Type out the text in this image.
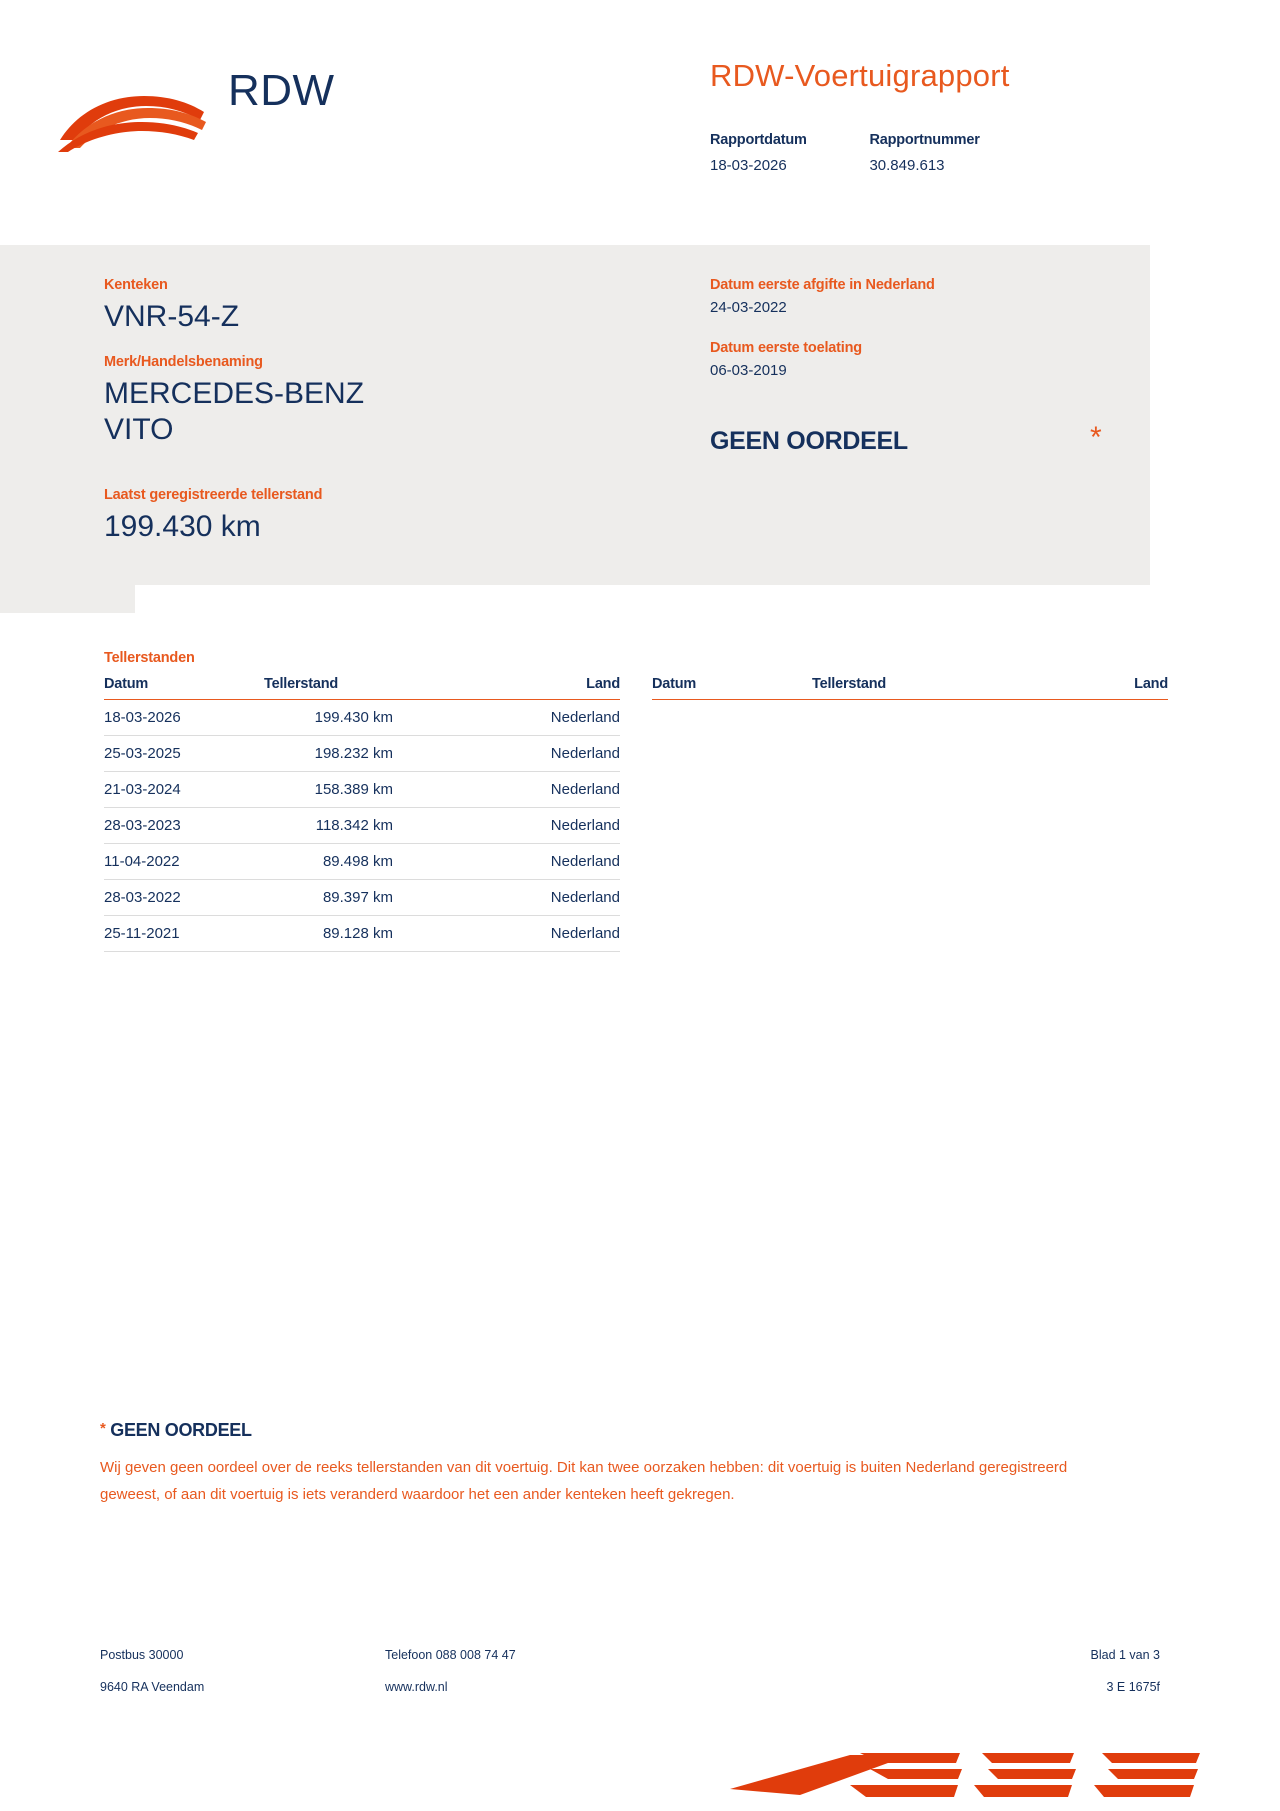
RDW	RDW-Voertuigrapport
Rapportdatum
18-03-2026

Rapportnummer
30.849.613
Kenteken
VNR-54-Z
Merk/Handelsbenaming
MERCEDES-BENZ
VITO
Laatst geregistreerde tellerstand
199.430 km
Datum eerste afgifte in Nederland
24-03-2022
Datum eerste toelating
06-03-2019
GEEN OORDEEL	*
Tellerstanden
Datum	Tellerstand	Land
18-03-2026	199.430 km	Nederland
25-03-2025	198.232 km	Nederland
21-03-2024	158.389 km	Nederland
28-03-2023	118.342 km	Nederland
11-04-2022	89.498 km	Nederland
28-03-2022	89.397 km	Nederland
25-11-2021	89.128 km	Nederland
Datum	Tellerstand	Land
* GEEN OORDEEL
Wij geven geen oordeel over de reeks tellerstanden van dit voertuig. Dit kan twee oorzaken hebben: dit voertuig is buiten Nederland geregistreerd geweest, of aan dit voertuig is iets veranderd waardoor het een ander kenteken heeft gekregen.
Postbus 30000	Telefoon 088 008 74 47	Blad 1 van 3
9640 RA Veendam	www.rdw.nl	3 E 1675f
